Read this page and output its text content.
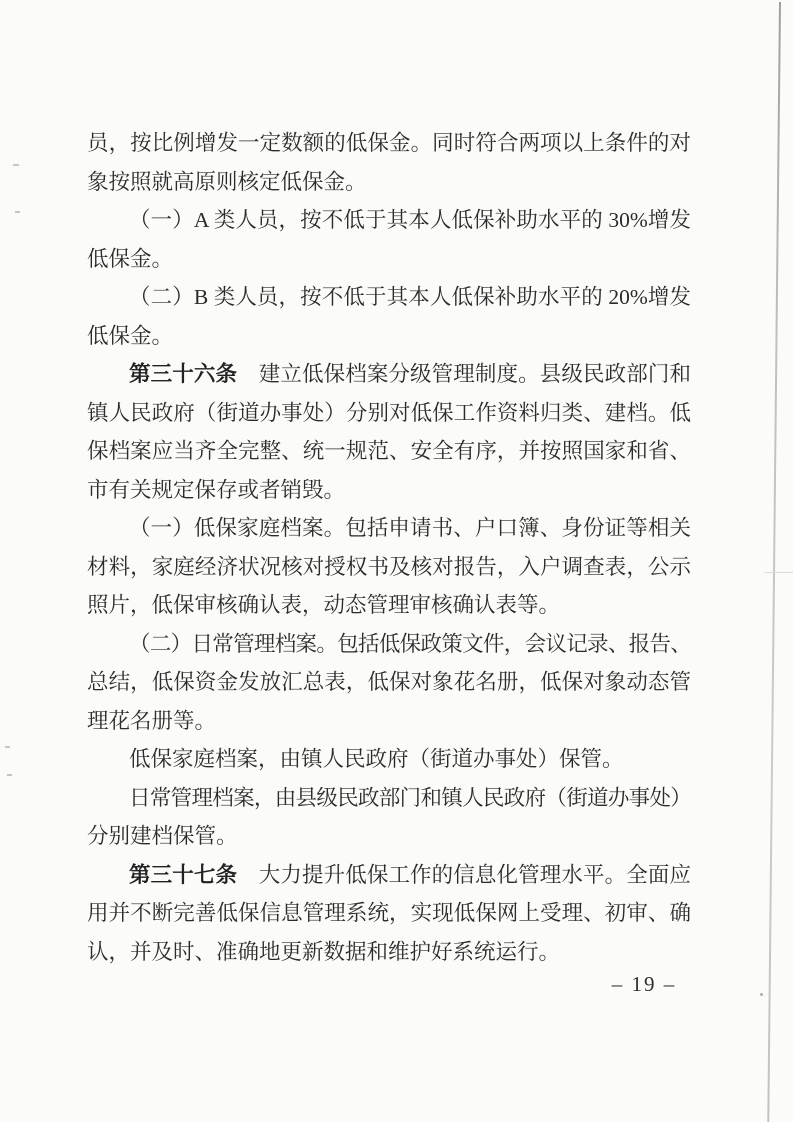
员，按比例增发一定数额的低保金。同时符合两项以上条件的对
象按照就高原则核定低保金。
（一）A 类人员，按不低于其本人低保补助水平的 30%增发
低保金。
（二）B 类人员，按不低于其本人低保补助水平的 20%增发
低保金。
第三十六条　建立低保档案分级管理制度。县级民政部门和
镇人民政府（街道办事处）分别对低保工作资料归类、建档。低
保档案应当齐全完整、统一规范、安全有序，并按照国家和省、
市有关规定保存或者销毁。
（一）低保家庭档案。包括申请书、户口簿、身份证等相关
材料，家庭经济状况核对授权书及核对报告，入户调查表，公示
照片，低保审核确认表，动态管理审核确认表等。
（二）日常管理档案。包括低保政策文件，会议记录、报告、
总结，低保资金发放汇总表，低保对象花名册，低保对象动态管
理花名册等。
低保家庭档案，由镇人民政府（街道办事处）保管。
日常管理档案，由县级民政部门和镇人民政府（街道办事处）
分别建档保管。
第三十七条　大力提升低保工作的信息化管理水平。全面应
用并不断完善低保信息管理系统，实现低保网上受理、初审、确
认，并及时、准确地更新数据和维护好系统运行。
– 19 –
